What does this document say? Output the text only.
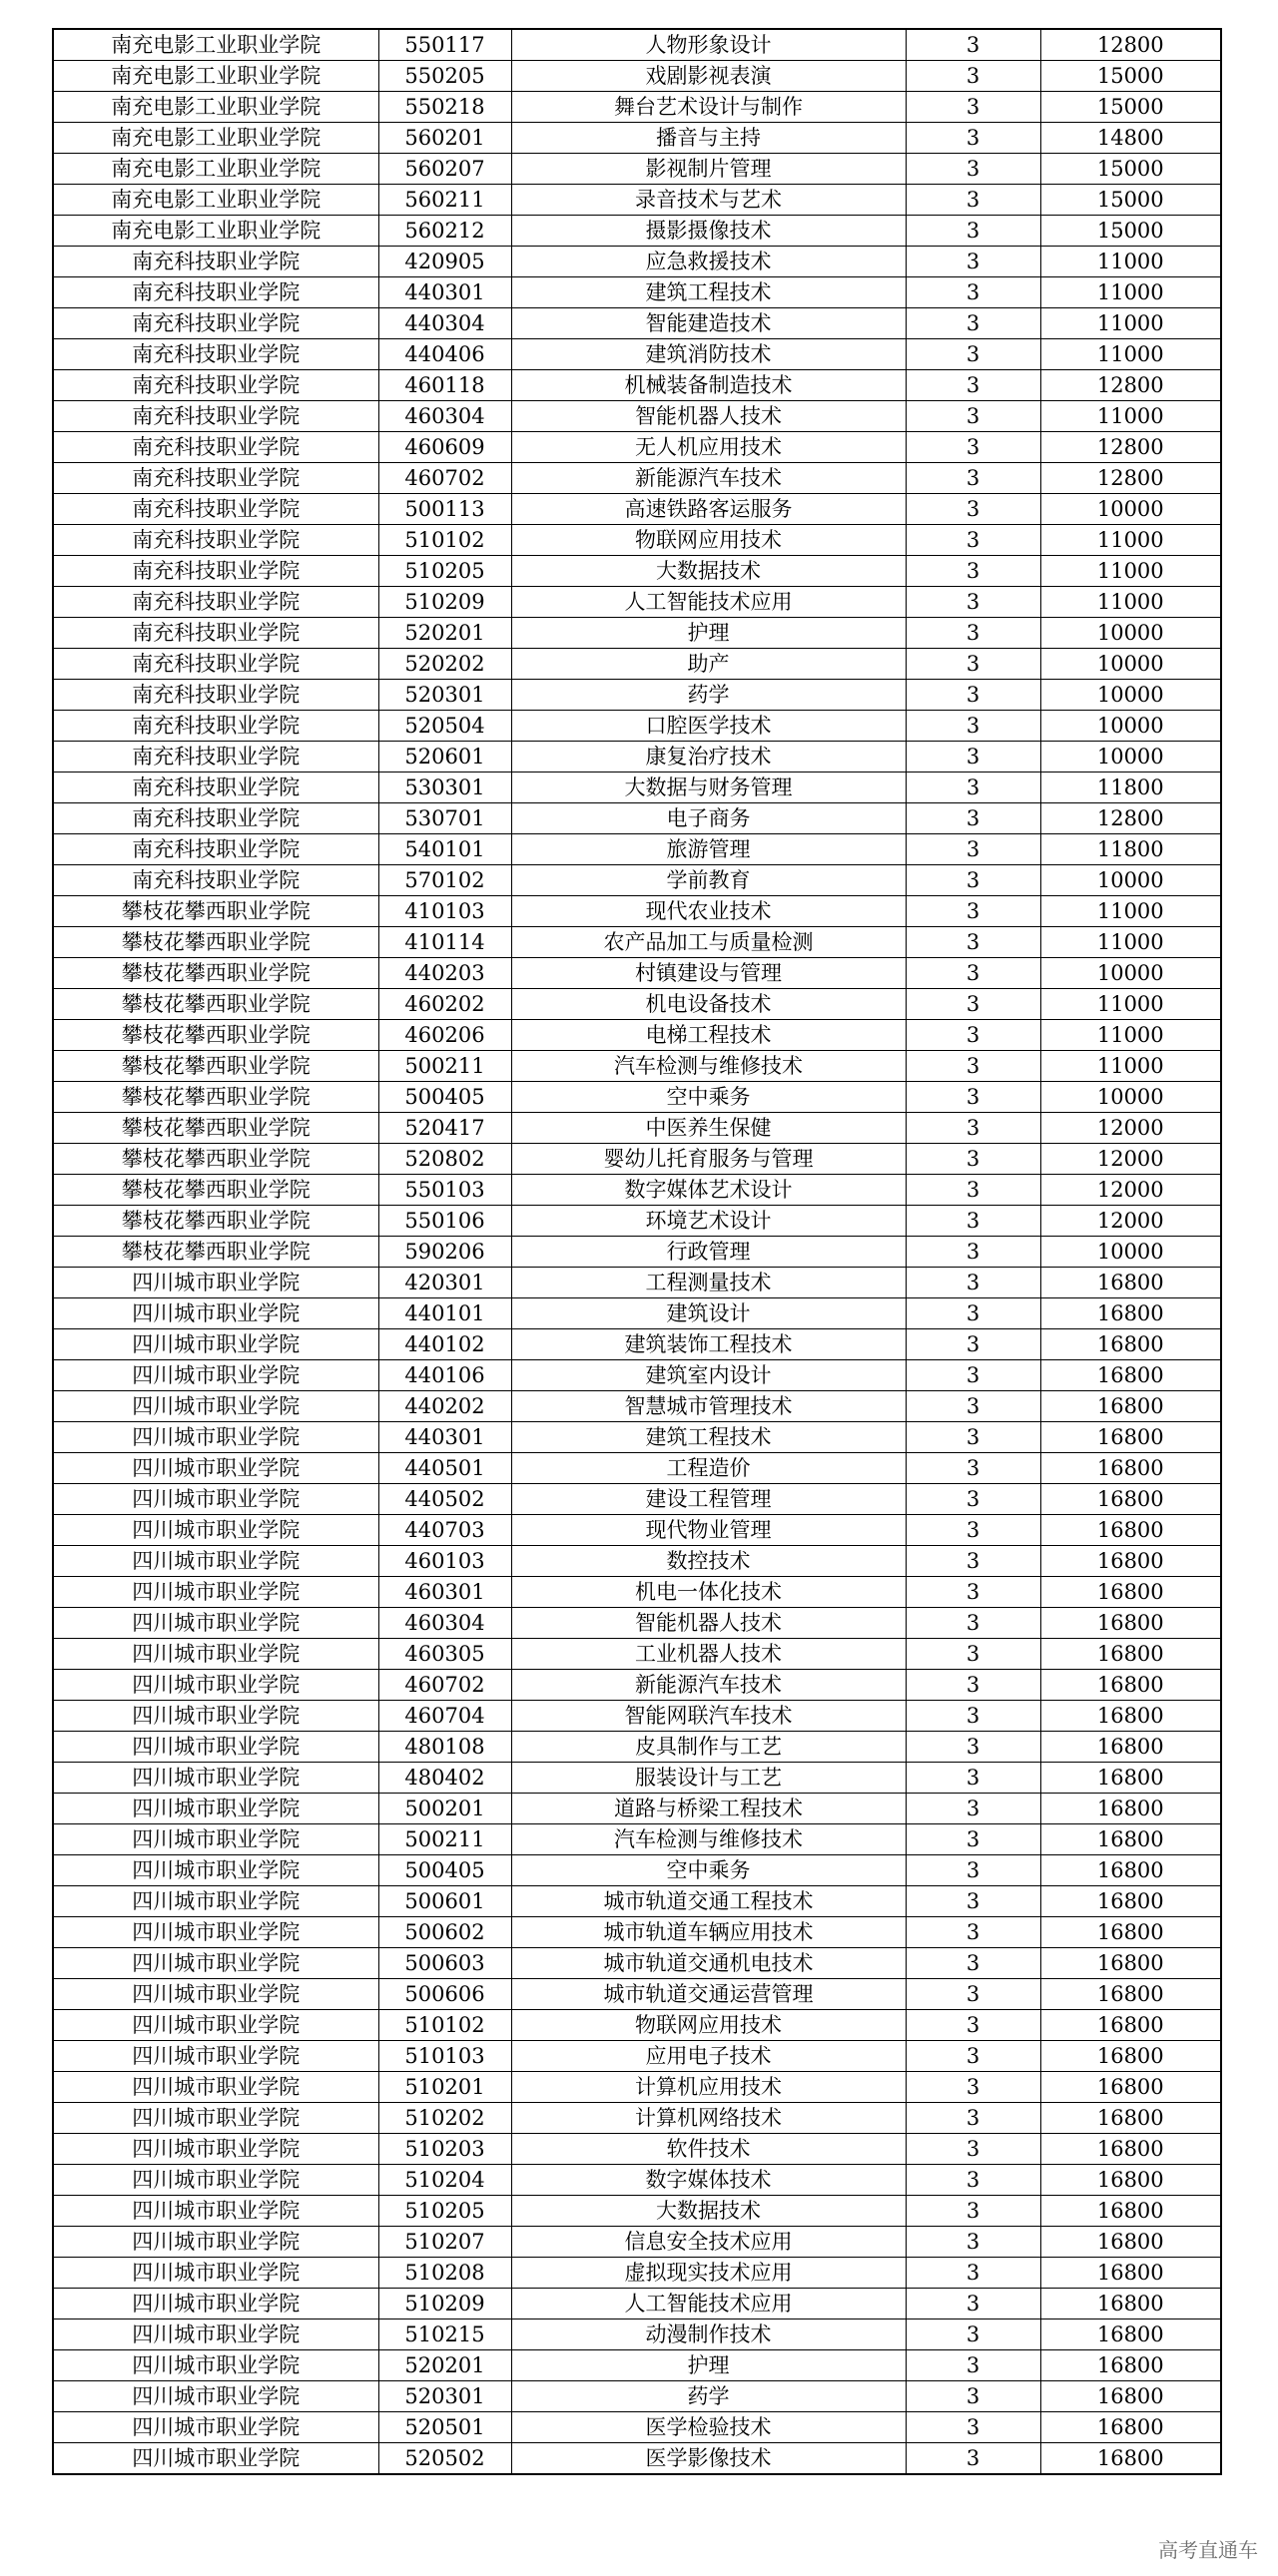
南充电影工业职业学院	550117	人物形象设计	3	12800
南充电影工业职业学院	550205	戏剧影视表演	3	15000
南充电影工业职业学院	550218	舞台艺术设计与制作	3	15000
南充电影工业职业学院	560201	播音与主持	3	14800
南充电影工业职业学院	560207	影视制片管理	3	15000
南充电影工业职业学院	560211	录音技术与艺术	3	15000
南充电影工业职业学院	560212	摄影摄像技术	3	15000
南充科技职业学院	420905	应急救援技术	3	11000
南充科技职业学院	440301	建筑工程技术	3	11000
南充科技职业学院	440304	智能建造技术	3	11000
南充科技职业学院	440406	建筑消防技术	3	11000
南充科技职业学院	460118	机械装备制造技术	3	12800
南充科技职业学院	460304	智能机器人技术	3	11000
南充科技职业学院	460609	无人机应用技术	3	12800
南充科技职业学院	460702	新能源汽车技术	3	12800
南充科技职业学院	500113	高速铁路客运服务	3	10000
南充科技职业学院	510102	物联网应用技术	3	11000
南充科技职业学院	510205	大数据技术	3	11000
南充科技职业学院	510209	人工智能技术应用	3	11000
南充科技职业学院	520201	护理	3	10000
南充科技职业学院	520202	助产	3	10000
南充科技职业学院	520301	药学	3	10000
南充科技职业学院	520504	口腔医学技术	3	10000
南充科技职业学院	520601	康复治疗技术	3	10000
南充科技职业学院	530301	大数据与财务管理	3	11800
南充科技职业学院	530701	电子商务	3	12800
南充科技职业学院	540101	旅游管理	3	11800
南充科技职业学院	570102	学前教育	3	10000
攀枝花攀西职业学院	410103	现代农业技术	3	11000
攀枝花攀西职业学院	410114	农产品加工与质量检测	3	11000
攀枝花攀西职业学院	440203	村镇建设与管理	3	10000
攀枝花攀西职业学院	460202	机电设备技术	3	11000
攀枝花攀西职业学院	460206	电梯工程技术	3	11000
攀枝花攀西职业学院	500211	汽车检测与维修技术	3	11000
攀枝花攀西职业学院	500405	空中乘务	3	10000
攀枝花攀西职业学院	520417	中医养生保健	3	12000
攀枝花攀西职业学院	520802	婴幼儿托育服务与管理	3	12000
攀枝花攀西职业学院	550103	数字媒体艺术设计	3	12000
攀枝花攀西职业学院	550106	环境艺术设计	3	12000
攀枝花攀西职业学院	590206	行政管理	3	10000
四川城市职业学院	420301	工程测量技术	3	16800
四川城市职业学院	440101	建筑设计	3	16800
四川城市职业学院	440102	建筑装饰工程技术	3	16800
四川城市职业学院	440106	建筑室内设计	3	16800
四川城市职业学院	440202	智慧城市管理技术	3	16800
四川城市职业学院	440301	建筑工程技术	3	16800
四川城市职业学院	440501	工程造价	3	16800
四川城市职业学院	440502	建设工程管理	3	16800
四川城市职业学院	440703	现代物业管理	3	16800
四川城市职业学院	460103	数控技术	3	16800
四川城市职业学院	460301	机电一体化技术	3	16800
四川城市职业学院	460304	智能机器人技术	3	16800
四川城市职业学院	460305	工业机器人技术	3	16800
四川城市职业学院	460702	新能源汽车技术	3	16800
四川城市职业学院	460704	智能网联汽车技术	3	16800
四川城市职业学院	480108	皮具制作与工艺	3	16800
四川城市职业学院	480402	服装设计与工艺	3	16800
四川城市职业学院	500201	道路与桥梁工程技术	3	16800
四川城市职业学院	500211	汽车检测与维修技术	3	16800
四川城市职业学院	500405	空中乘务	3	16800
四川城市职业学院	500601	城市轨道交通工程技术	3	16800
四川城市职业学院	500602	城市轨道车辆应用技术	3	16800
四川城市职业学院	500603	城市轨道交通机电技术	3	16800
四川城市职业学院	500606	城市轨道交通运营管理	3	16800
四川城市职业学院	510102	物联网应用技术	3	16800
四川城市职业学院	510103	应用电子技术	3	16800
四川城市职业学院	510201	计算机应用技术	3	16800
四川城市职业学院	510202	计算机网络技术	3	16800
四川城市职业学院	510203	软件技术	3	16800
四川城市职业学院	510204	数字媒体技术	3	16800
四川城市职业学院	510205	大数据技术	3	16800
四川城市职业学院	510207	信息安全技术应用	3	16800
四川城市职业学院	510208	虚拟现实技术应用	3	16800
四川城市职业学院	510209	人工智能技术应用	3	16800
四川城市职业学院	510215	动漫制作技术	3	16800
四川城市职业学院	520201	护理	3	16800
四川城市职业学院	520301	药学	3	16800
四川城市职业学院	520501	医学检验技术	3	16800
四川城市职业学院	520502	医学影像技术	3	16800
高考直通车
